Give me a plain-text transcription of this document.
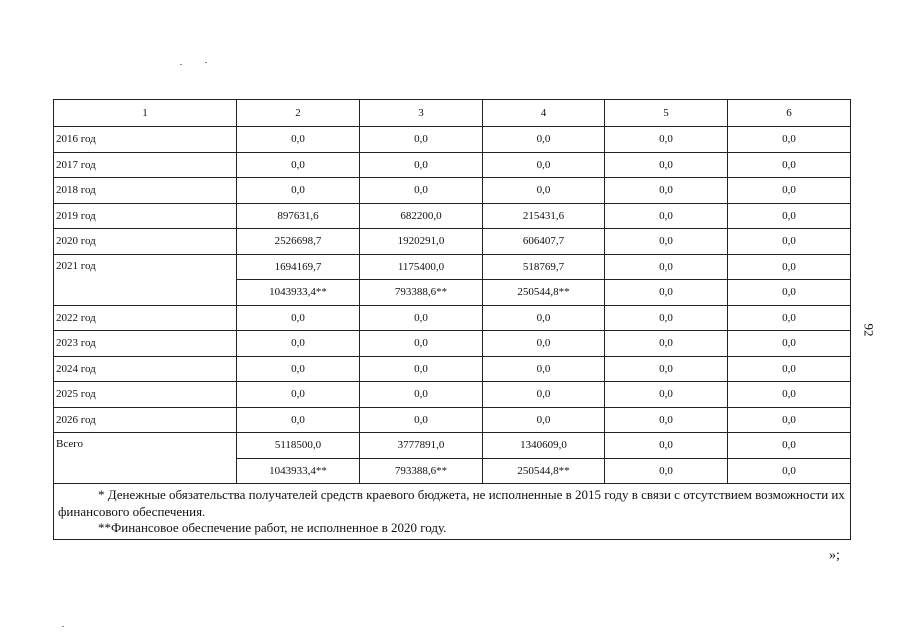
1	2	3	4	5	6
2016 год	0,0	0,0	0,0	0,0	0,0
2017 год	0,0	0,0	0,0	0,0	0,0
2018 год	0,0	0,0	0,0	0,0	0,0
2019 год	897631,6	682200,0	215431,6	0,0	0,0
2020 год	2526698,7	1920291,0	606407,7	0,0	0,0
2021 год	1694169,7	1175400,0	518769,7	0,0	0,0
	1043933,4**	793388,6**	250544,8**	0,0	0,0
2022 год	0,0	0,0	0,0	0,0	0,0
2023 год	0,0	0,0	0,0	0,0	0,0
2024 год	0,0	0,0	0,0	0,0	0,0
2025 год	0,0	0,0	0,0	0,0	0,0
2026 год	0,0	0,0	0,0	0,0	0,0
Всего	5118500,0	3777891,0	1340609,0	0,0	0,0
	1043933,4**	793388,6**	250544,8**	0,0	0,0

* Денежные обязательства получателей средств краевого бюджета, не исполненные в 2015 году в связи с отсутствием возможности их финансового обеспечения.

**Финансовое обеспечение работ, не исполненное в 2020 году.					

92
»;
